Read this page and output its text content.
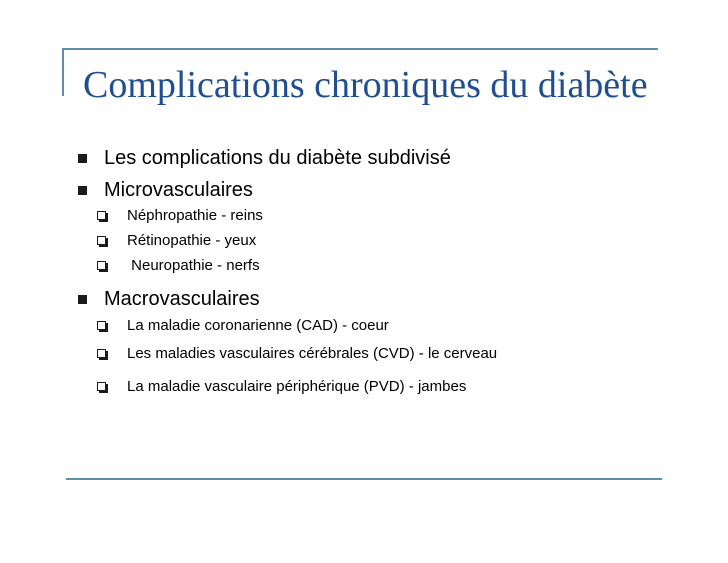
Complications chroniques du diabète
Les complications du diabète subdivisé
Microvasculaires
Néphropathie - reins
Rétinopathie - yeux
Neuropathie - nerfs
Macrovasculaires
La maladie coronarienne (CAD) - coeur
Les maladies vasculaires cérébrales (CVD) - le cerveau
La maladie vasculaire périphérique (PVD) - jambes
